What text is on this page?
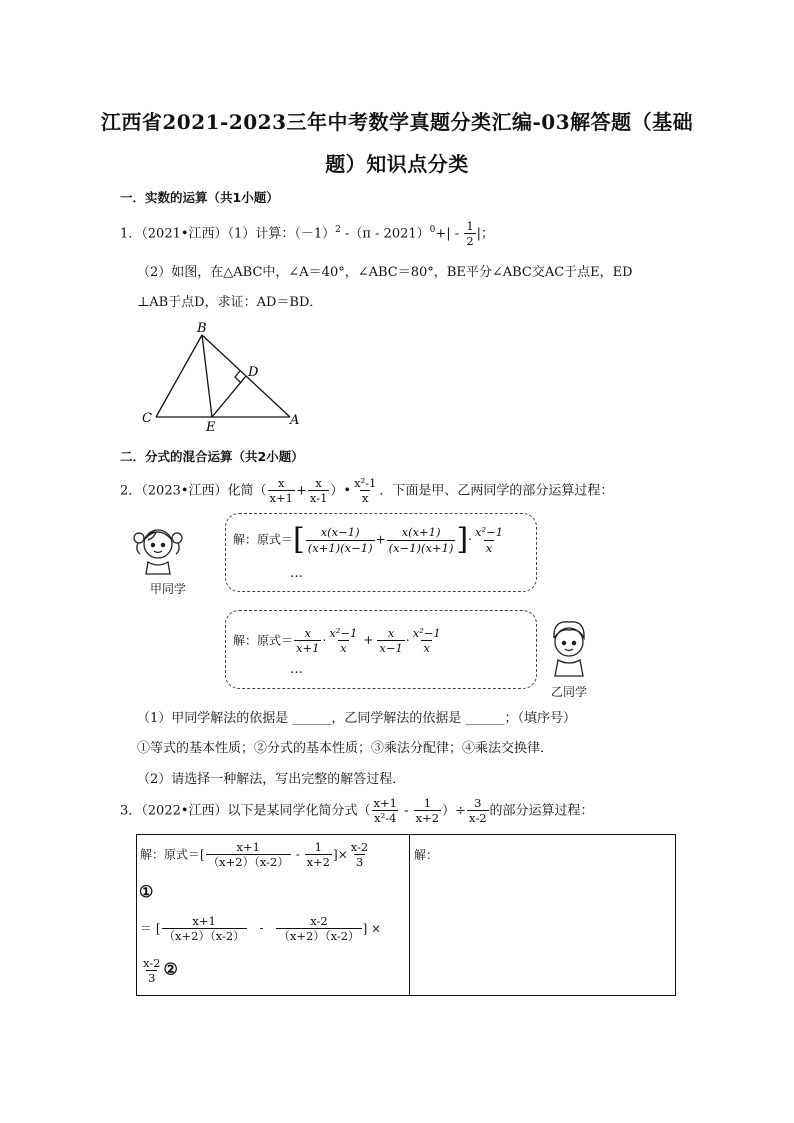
江西省2021-2023三年中考数学真题分类汇编-03解答题（基础
题）知识点分类
一．实数的运算（共1小题）
1．（2021•江西）（1）计算：$(-1)^2$ $-(\pi - 2021)^0+| - \frac{1}{2}$ |；
（2）如图，在△ABC中，∠A＝40°，∠ABC＝80°，BE平分∠ABC交AC于点E，ED
⊥AB于点D，求证：AD＝BD．
B
D
C
E	A
二．分式的混合运算（共2小题）
2．（2023•江西）化简（ $\frac{x}{x+1} + \frac{x}{x-1}$ ）• $\frac{\text{x²-1}}{x}$ ．下面是甲、乙两同学的部分运算过程：
甲同学
解：原式＝[ $\frac{x(x-1)}{(x+1)(x-1)} + \frac{x(x+1)}{(x-1)(x+1)}$ ]· $\frac{\text{x²−1}}{x}$
…
解：原式＝ $\frac{x}{x+1} \cdot \frac{\text{x²−1}}{x} + \frac{x}{x-1} \cdot \frac{\text{x²−1}}{x}$
…
乙同学
（1）甲同学解法的依据是 ______，乙同学解法的依据是 ______；（填序号）
①等式的基本性质；②分式的基本性质；③乘法分配律；④乘法交换律．
（2）请选择一种解法，写出完整的解答过程．
3．（2022•江西）以下是某同学化简分式（ $\frac{x+1}{\text{x²-4}} - \frac{1}{x+2}$ ）÷ $\frac{3}{x-2}$ 的部分运算过程：
解：
解：原式＝[ $\frac{x+1}{(x+2)(x-2)} - \frac{1}{x+2}$ ]× $\frac{x-2}{3}$
①
＝ [ $\frac{x+1}{(x+2)(x-2)} - \frac{x-2}{(x+2)(x-2)}$ ] ×
$\frac{x-2}{3}$ ②
